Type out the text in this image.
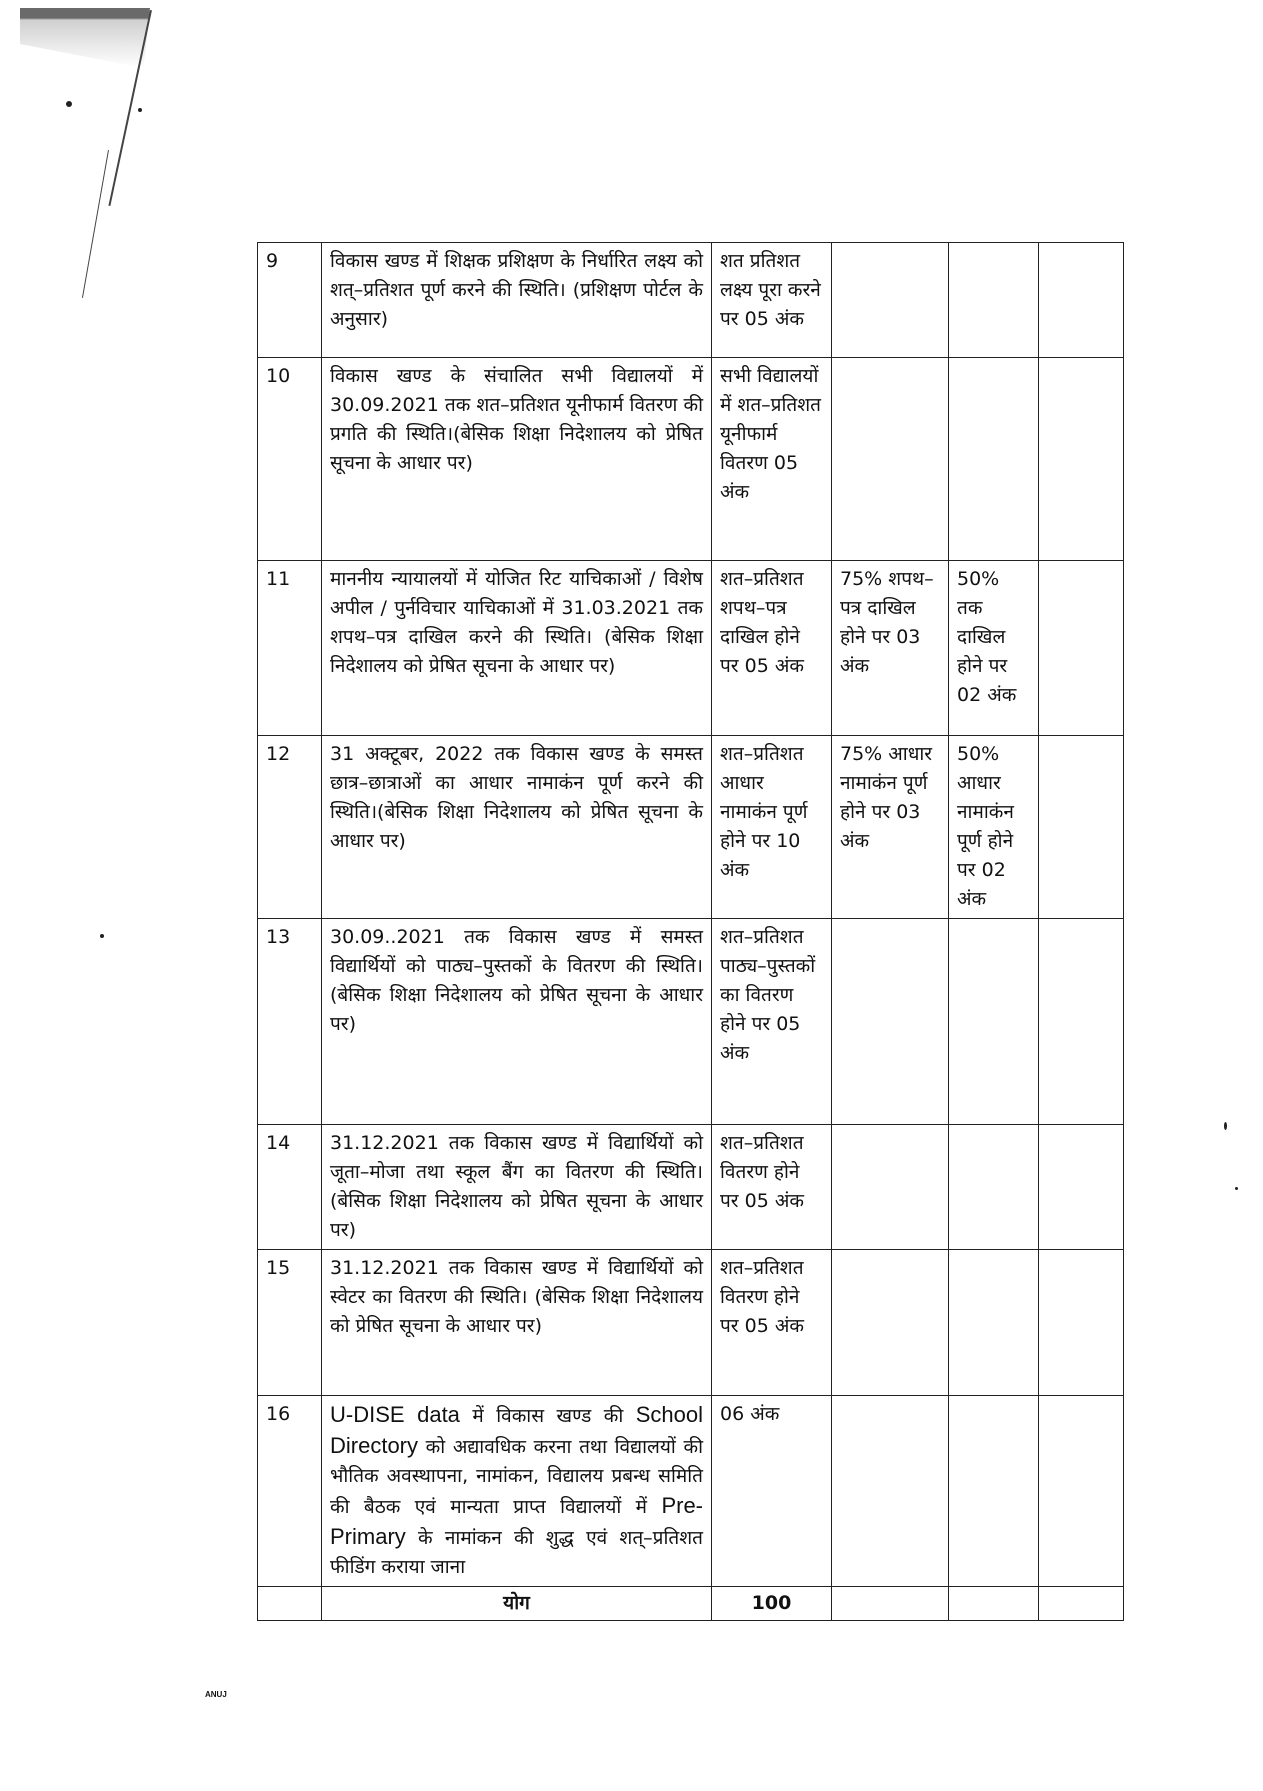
9	विकास खण्ड में शिक्षक प्रशिक्षण के निर्धारित लक्ष्य को शत्–प्रतिशत पूर्ण करने की स्थिति। (प्रशिक्षण पोर्टल के अनुसार)	शत प्रतिशत लक्ष्य पूरा करने पर 05 अंक			
10	विकास खण्ड के संचालित सभी विद्यालयों में 30.09.2021 तक शत–प्रतिशत यूनीफार्म वितरण की प्रगति की स्थिति।(बेसिक शिक्षा निदेशालय को प्रेषित सूचना के आधार पर)	सभी विद्यालयों में शत–प्रतिशत यूनीफार्म वितरण 05 अंक			
11	माननीय न्यायालयों में योजित रिट याचिकाओं / विशेष अपील / पुर्नविचार याचिकाओं में 31.03.2021 तक शपथ–पत्र दाखिल करने की स्थिति। (बेसिक शिक्षा निदेशालय को प्रेषित सूचना के आधार पर)	शत–प्रतिशत शपथ–पत्र दाखिल होने पर 05 अंक	75% शपथ–पत्र दाखिल होने पर 03 अंक	50% तक दाखिल होने पर 02 अंक	
12	31 अक्टूबर, 2022 तक विकास खण्ड के समस्त छात्र–छात्राओं का आधार नामाकंन पूर्ण करने की स्थिति।(बेसिक शिक्षा निदेशालय को प्रेषित सूचना के आधार पर)	शत–प्रतिशत आधार नामाकंन पूर्ण होने पर 10 अंक	75% आधार नामाकंन पूर्ण होने पर 03 अंक	50% आधार नामाकंन पूर्ण होने पर 02 अंक	
13	30.09..2021 तक विकास खण्ड में समस्त विद्यार्थियों को पाठ्य–पुस्तकों के वितरण की स्थिति। (बेसिक शिक्षा निदेशालय को प्रेषित सूचना के आधार पर)	शत–प्रतिशत पाठ्य–पुस्तकों का वितरण होने पर 05 अंक			
14	31.12.2021 तक विकास खण्ड में विद्यार्थियों को जूता–मोजा तथा स्कूल बैंग का वितरण की स्थिति। (बेसिक शिक्षा निदेशालय को प्रेषित सूचना के आधार पर)	शत–प्रतिशत वितरण होने पर 05 अंक			
15	31.12.2021 तक विकास खण्ड में विद्यार्थियों को स्वेटर का वितरण की स्थिति। (बेसिक शिक्षा निदेशालय को प्रेषित सूचना के आधार पर)	शत–प्रतिशत वितरण होने पर 05 अंक			
16	U-DISE data में विकास खण्ड की School Directory को अद्यावधिक करना तथा विद्यालयों की भौतिक अवस्थापना, नामांकन, विद्यालय प्रबन्ध समिति की बैठक एवं मान्यता प्राप्त विद्यालयों में Pre-Primary के नामांकन की शुद्ध एवं शत्–प्रतिशत फीडिंग कराया जाना	06 अंक			
	योग	100			
ANUJ
